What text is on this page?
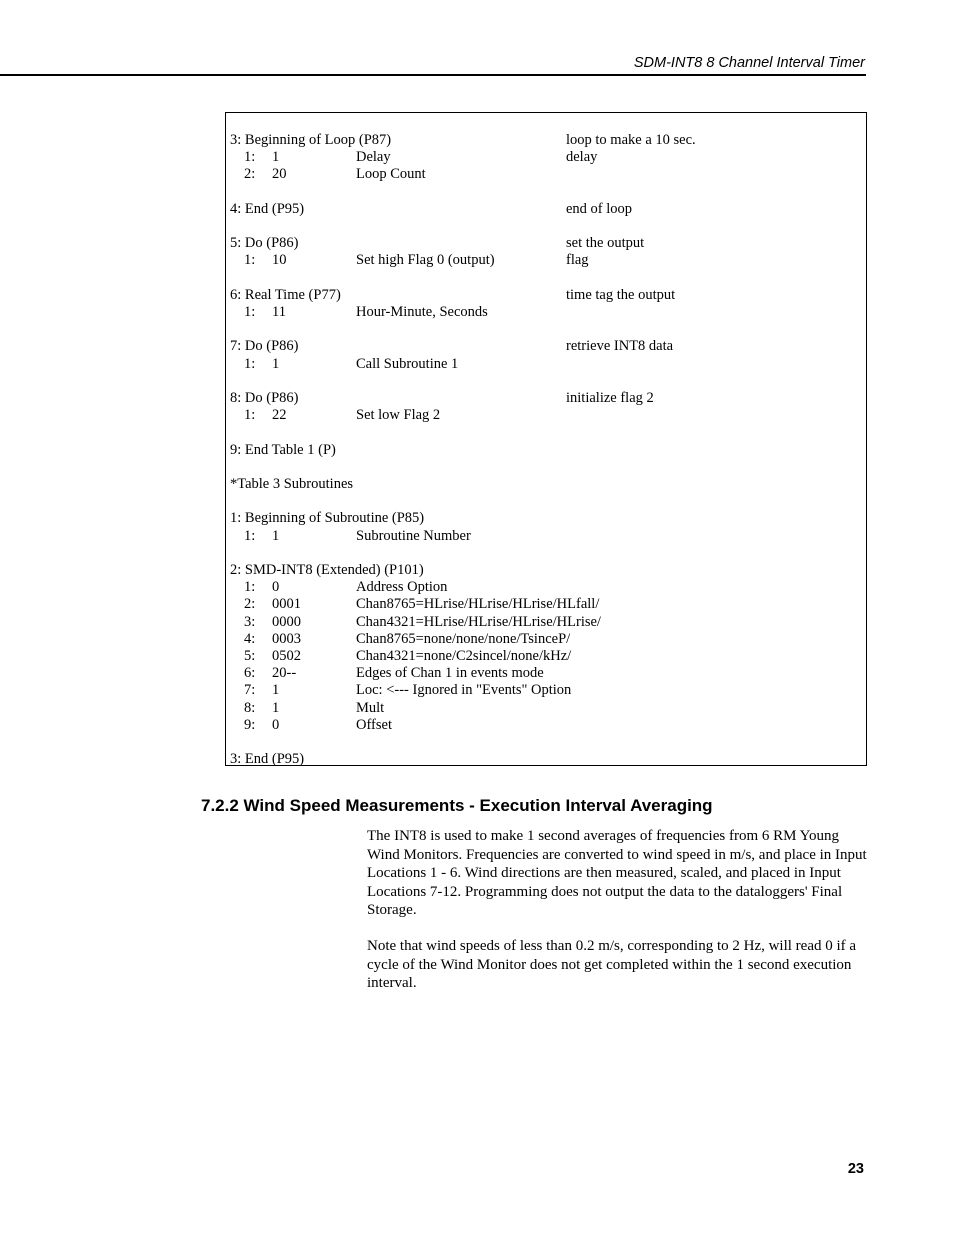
SDM-INT8 8 Channel Interval Timer
3: Beginning of Loop (P87)	loop to make a 10 sec.
1: 1	Delay	delay
2: 20	Loop Count
4: End (P95)	end of loop
5: Do (P86)	set the output
1: 10	Set high Flag 0 (output)	flag
6: Real Time (P77)	time tag the output
1: 11	Hour-Minute, Seconds
7: Do (P86)	retrieve INT8 data
1: 1	Call Subroutine 1
8: Do (P86)	initialize flag 2
1: 22	Set low Flag 2
9: End Table 1 (P)
*Table 3 Subroutines
1: Beginning of Subroutine (P85)
1: 1	Subroutine Number
2: SMD-INT8 (Extended) (P101)
1: 0	Address Option
2: 0001	Chan8765=HLrise/HLrise/HLrise/HLfall/
3: 0000	Chan4321=HLrise/HLrise/HLrise/HLrise/
4: 0003	Chan8765=none/none/none/TsinceP/
5: 0502	Chan4321=none/C2sincel/none/kHz/
6: 20--	Edges of Chan 1 in events mode
7: 1	Loc: <--- Ignored in "Events" Option
8: 1	Mult
9: 0	Offset
3: End (P95)
7.2.2 Wind Speed Measurements - Execution Interval Averaging

The INT8 is used to make 1 second averages of frequencies from 6 RM Young Wind Monitors. Frequencies are converted to wind speed in m/s, and place in Input Locations 1 - 6. Wind directions are then measured, scaled, and placed in Input Locations 7-12. Programming does not output the data to the dataloggers' Final Storage.

Note that wind speeds of less than 0.2 m/s, corresponding to 2 Hz, will read 0 if a cycle of the Wind Monitor does not get completed within the 1 second execution interval.

23
